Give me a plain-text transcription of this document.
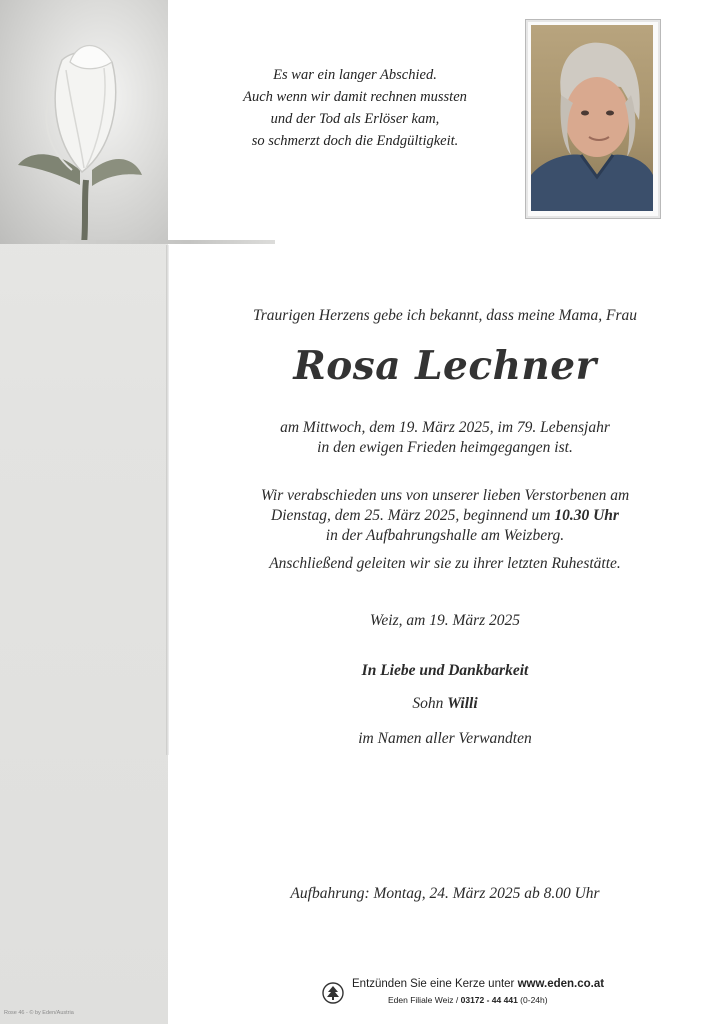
Es war ein langer Abschied.
Auch wenn wir damit rechnen mussten
und der Tod als Erlöser kam,
so schmerzt doch die Endgültigkeit.
Traurigen Herzens gebe ich bekannt, dass meine Mama, Frau
Rosa Lechner
am Mittwoch, dem 19. März 2025, im 79. Lebensjahr
in den ewigen Frieden heimgegangen ist.
Wir verabschieden uns von unserer lieben Verstorbenen am
Dienstag, dem 25. März 2025, beginnend um 10.30 Uhr
in der Aufbahrungshalle am Weizberg.
Anschließend geleiten wir sie zu ihrer letzten Ruhestätte.
Weiz, am 19. März 2025
In Liebe und Dankbarkeit
Sohn Willi
im Namen aller Verwandten
Aufbahrung: Montag, 24. März 2025 ab 8.00 Uhr
Entzünden Sie eine Kerze unter www.eden.co.at
Eden Filiale Weiz / 03172 - 44 441 (0-24h)
Rose 46 - © by Eden/Austria
